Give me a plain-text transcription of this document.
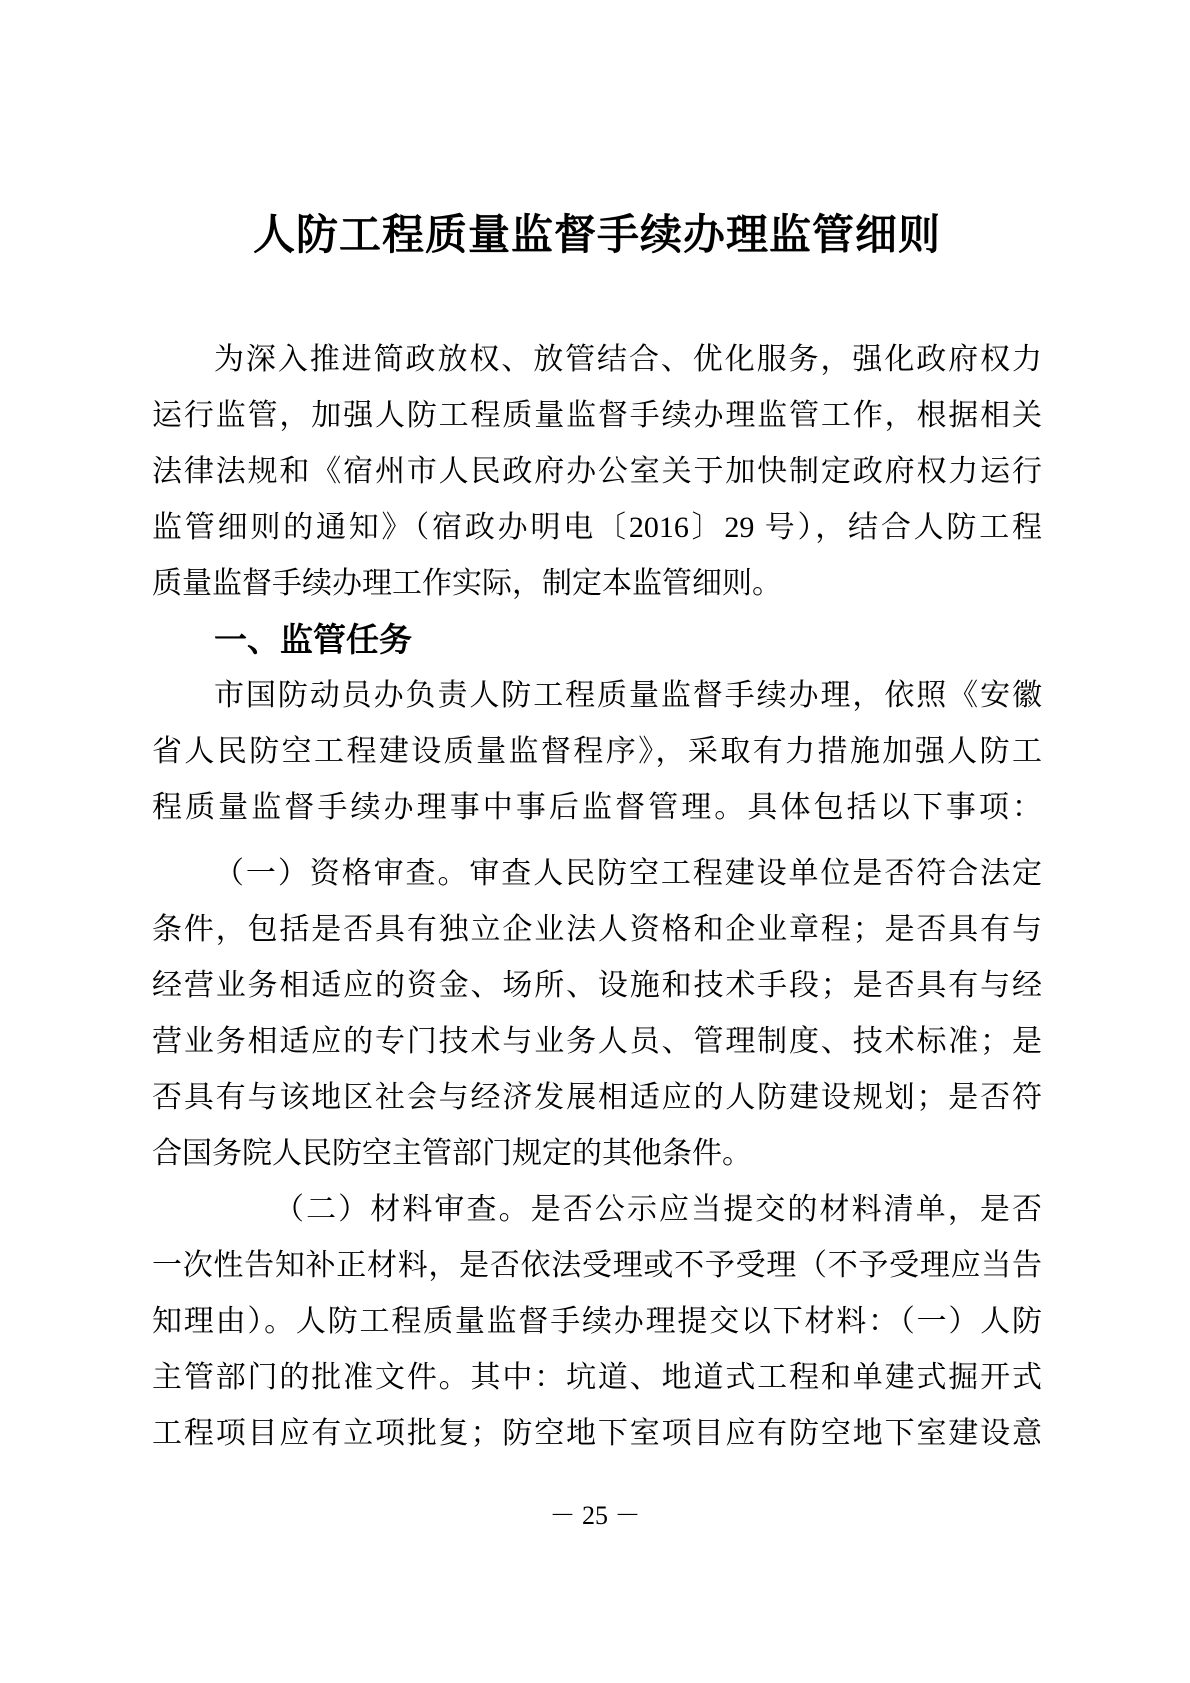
人防工程质量监督手续办理监管细则
为深入推进简政放权、放管结合、优化服务，强化政府权力
运行监管，加强人防工程质量监督手续办理监管工作，根据相关
法律法规和《宿州市人民政府办公室关于加快制定政府权力运行
监管细则的通知》（宿政办明电〔2016〕29 号），结合人防工程
质量监督手续办理工作实际，制定本监管细则。
一、监管任务
市国防动员办负责人防工程质量监督手续办理，依照《安徽
省人民防空工程建设质量监督程序》，采取有力措施加强人防工
程质量监督手续办理事中事后监督管理。具体包括以下事项：
（一）资格审查。审查人民防空工程建设单位是否符合法定
条件，包括是否具有独立企业法人资格和企业章程；是否具有与
经营业务相适应的资金、场所、设施和技术手段；是否具有与经
营业务相适应的专门技术与业务人员、管理制度、技术标准；是
否具有与该地区社会与经济发展相适应的人防建设规划；是否符
合国务院人民防空主管部门规定的其他条件。
（二）材料审查。是否公示应当提交的材料清单，是否
一次性告知补正材料，是否依法受理或不予受理（不予受理应当告
知理由）。人防工程质量监督手续办理提交以下材料：（一）人防
主管部门的批准文件。其中：坑道、地道式工程和单建式掘开式
工程项目应有立项批复；防空地下室项目应有防空地下室建设意
－ 25 －
